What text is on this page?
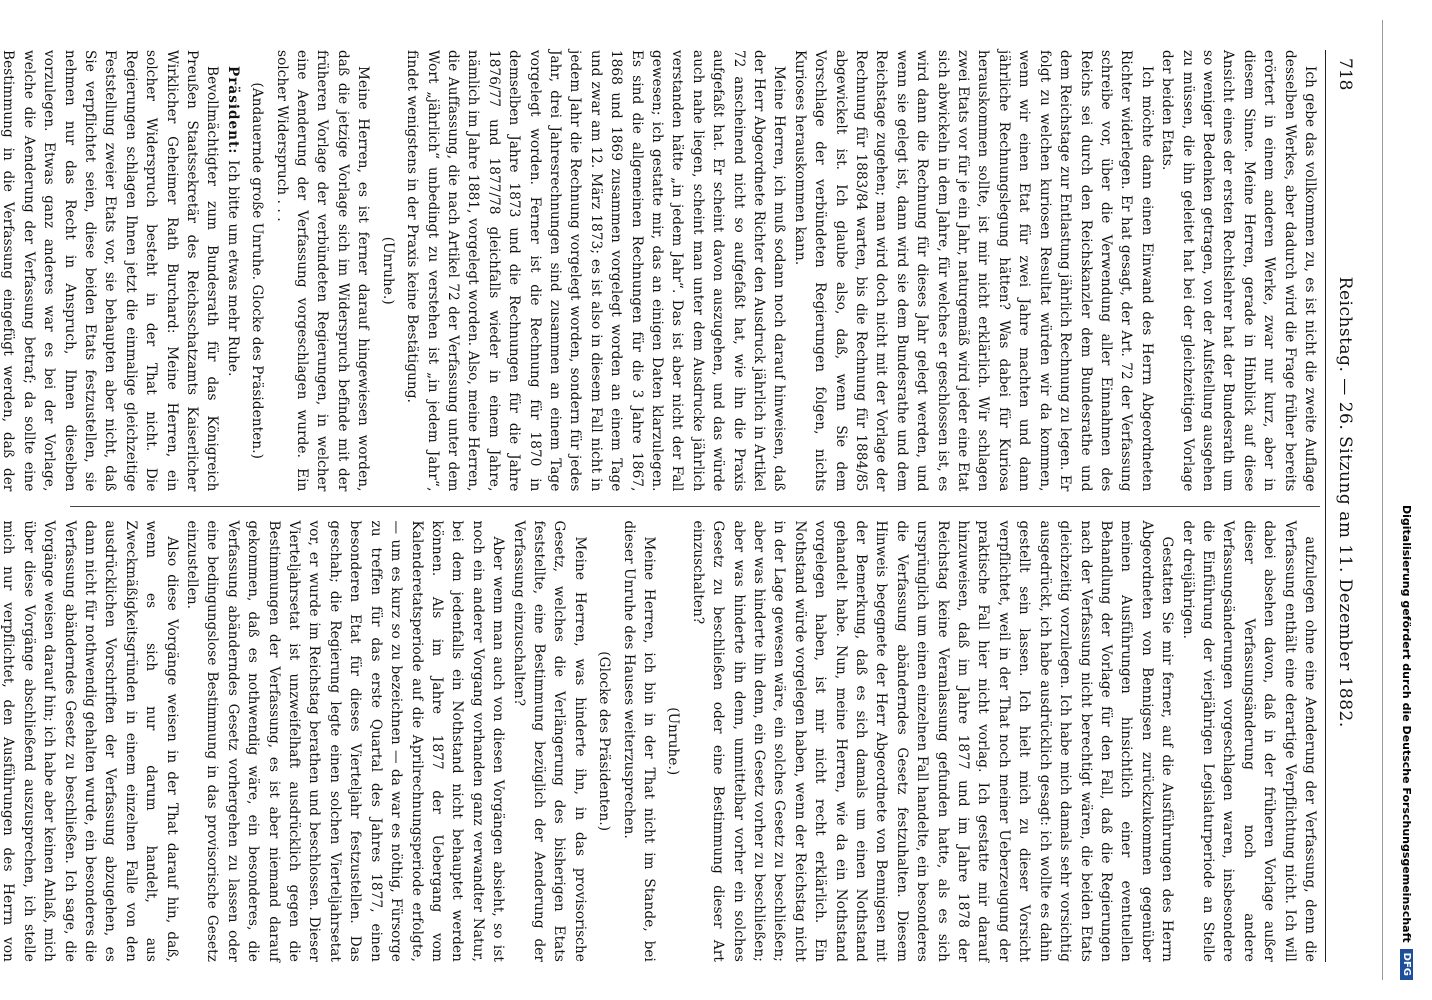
718
Reichstag. — 26. Sitzung am 11. Dezember 1882.

Ich gebe das vollkommen zu, es ist nicht die zweite Auflage desselben Werkes, aber dadurch wird die Frage früher bereits erörtert in einem anderen Werke, zwar nur kurz, aber in diesem Sinne. Meine Herren, gerade in Hinblick auf diese Ansicht eines der ersten Rechtslehrer hat der Bundesrath um so weniger Bedenken getragen, von der Aufstellung ausgehen zu müssen, die ihn geleitet hat bei der gleichzeitigen Vorlage der beiden Etats.

Ich möchte dann einen Einwand des Herrn Abgeordneten Richter widerlegen. Er hat gesagt, der Art. 72 der Verfassung schreibe vor, über die Verwendung aller Einnahmen des Reichs sei durch den Reichskanzler dem Bundesrathe und dem Reichstage zur Entlastung jährlich Rechnung zu legen. Er folgt zu welchen kuriosen Resultat würden wir da kommen, wenn wir einen Etat für zwei Jahre machten und dann jährliche Rechnungslegung hätten? Was dabei für Kuriosa herauskommen sollte, ist mir nicht erklärlich. Wir schlagen zwei Etats vor für je ein Jahr, naturgemäß wird jeder eine Etat sich abwickeln in dem Jahre, für welches er geschlossen ist, es wird dann die Rechnung für dieses Jahr gelegt werden, und wenn sie gelegt ist, dann wird sie dem Bundesrathe und dem Reichstage zugehen; man wird doch nicht mit der Vorlage der Rechnung für 1883/84 warten, bis die Rechnung für 1884/85 abgewickelt ist. Ich glaube also, daß, wenn Sie dem Vorschlage der verbündeten Regierungen folgen, nichts Kurioses herauskommen kann.

Meine Herren, ich muß sodann noch darauf hinweisen, daß der Herr Abgeordnete Richter den Ausdruck jährlich in Artikel 72 anscheinend nicht so aufgefaßt hat, wie ihn die Praxis aufgefaßt hat. Er scheint davon auszugehen, und das würde auch nahe liegen, scheint man unter dem Ausdrucke jährlich verstanden hätte „in jedem Jahr“. Das ist aber nicht der Fall gewesen; ich gestatte mir, das an einigen Daten klarzulegen. Es sind die allgemeinen Rechnungen für die 3 Jahre 1867, 1868 und 1869 zusammen vorgelegt worden an einem Tage und zwar am 12. März 1873; es ist also in diesem Fall nicht in jedem Jahr die Rechnung vorgelegt worden, sondern für jedes Jahr, drei Jahresrechnungen sind zusammen an einem Tage vorgelegt worden. Ferner ist die Rechnung für 1870 in demselben Jahre 1873 und die Rechnungen für die Jahre 1876/77 und 1877/78 gleichfalls wieder in einem Jahre, nämlich im Jahre 1881, vorgelegt worden. Also, meine Herren, die Auffassung, die nach Artikel 72 der Verfassung unter dem Wort „jährlich“ unbedingt zu verstehen ist „in jedem Jahr“, findet wenigstens in der Praxis keine Bestätigung.

(Unruhe.)

Meine Herren, es ist ferner darauf hingewiesen worden, daß die jetzige Vorlage sich im Widerspruch befinde mit der früheren Vorlage der verbündeten Regierungen, in welcher eine Aenderung der Verfassung vorgeschlagen wurde. Ein solcher Widerspruch . . .

(Andauernde große Unruhe. Glocke des Präsidenten.)

Präsident: Ich bitte um etwas mehr Ruhe.

Bevollmächtigter zum Bundesrath für das Königreich Preußen Staatssekretär des Reichsschatzamts Kaiserlicher Wirklicher Geheimer Rath Burchard: Meine Herren, ein solcher Widerspruch besteht in der That nicht. Die Regierungen schlagen Ihnen jetzt die einmalige gleichzeitige Feststellung zweier Etats vor, sie behaupten aber nicht, daß Sie verpflichtet seien, diese beiden Etats festzustellen, sie nehmen nur das Recht in Anspruch, Ihnen dieselben vorzulegen. Etwas ganz anderes war es bei der Vorlage, welche die Aenderung der Verfassung betraf; da sollte eine Bestimmung in die Verfassung eingefügt werden, daß der

aufzulegen ohne eine Aenderung der Verfassung, denn die Verfassung enthält eine derartige Verpflichtung nicht. Ich will dabei absehen davon, daß in der früheren Vorlage außer dieser Verfassungsänderung noch andere Verfassungsänderungen vorgeschlagen waren, insbesondere die Einführung der vierjährigen Legislaturperiode an Stelle der dreijährigen.

Gestatten Sie mir ferner, auf die Ausführungen des Herrn Abgeordneten von Bennigsen zurückzukommen gegenüber meinen Ausführungen hinsichtlich einer eventuellen Behandlung der Vorlage für den Fall, daß die Regierungen nach der Verfassung nicht berechtigt wären, die beiden Etats gleichzeitig vorzulegen. Ich habe mich damals sehr vorsichtig ausgedrückt, ich habe ausdrücklich gesagt: ich wollte es dahin gestellt sein lassen. Ich hielt mich zu dieser Vorsicht verpflichtet, weil in der That noch meiner Ueberzeugung der praktische Fall hier nicht vorlag. Ich gestatte mir darauf hinzuweisen, daß im Jahre 1877 und im Jahre 1878 der Reichstag keine Veranlassung gefunden hatte, als es sich ursprünglich um einen einzelnen Fall handelte, ein besonderes die Verfassung abänderndes Gesetz festzuhalten. Diesem Hinweis begegnete der Herr Abgeordnete von Bennigsen mit der Bemerkung, daß es sich damals um einen Nothstand gehandelt habe. Nun, meine Herren, wie da ein Nothstand vorgelegen haben, ist mir nicht recht erklärlich. Ein Nothstand würde vorgelegen haben, wenn der Reichstag nicht in der Lage gewesen wäre, ein solches Gesetz zu beschließen; aber was hinderte ihn denn, ein Gesetz vorher zu beschließen; aber was hinderte ihn denn, unmittelbar vorher ein solches Gesetz zu beschließen oder eine Bestimmung dieser Art einzuschalten?

(Unruhe.)

Meine Herren, ich bin in der That nicht im Stande, bei dieser Unruhe des Hauses weiterzusprechen.

(Glocke des Präsidenten.)

Meine Herren, was hinderte ihn, in das provisorische Gesetz, welches die Verlängerung des bisherigen Etats feststellte, eine Bestimmung bezüglich der Aenderung der Verfassung einzuschalten?

Aber wenn man auch von diesen Vorgängen absieht, so ist noch ein anderer Vorgang vorhanden ganz verwandter Natur, bei dem jedenfalls ein Nothstand nicht behauptet werden können. Als im Jahre 1877 der Uebergang vom Kalenderetatsperiode auf die Aprilrechnungsperiode erfolgte, — um es kurz so zu bezeichnen — da war es nöthig, Fürsorge zu treffen für das erste Quartal des Jahres 1877, einen besonderen Etat für dieses Vierteljahr festzustellen. Das geschah; die Regierung legte einen solchen Vierteljahrsetat vor, er wurde im Reichstag berathen und beschlossen. Dieser Vierteljahrsetat ist unzweifelhaft ausdrücklich gegen die Bestimmungen der Verfassung, es ist aber niemand darauf gekommen, daß es nothwendig wäre, ein besonderes, die Verfassung abänderndes Gesetz vorhergehen zu lassen oder eine bedingungslose Bestimmung in das provisorische Gesetz einzustellen.

Also diese Vorgänge weisen in der That darauf hin, daß, wenn es sich nur darum handelt, aus Zweckmäßigkeitsgründen in einem einzelnen Falle von den ausdrücklichen Vorschriften der Verfassung abzugehen, es dann nicht für nothwendig gehalten wurde, ein besonderes die Verfassung abänderndes Gesetz zu beschließen. Ich sage, die Vorgänge weisen darauf hin; ich habe aber keinen Anlaß, mich über diese Vorgänge abschließend auszusprechen, ich stelle mich nur verpflichtet, den Ausführungen des Herrn von

Digitalisierung gefördert durch die Deutsche Forschungsgemeinschaft
DFG
